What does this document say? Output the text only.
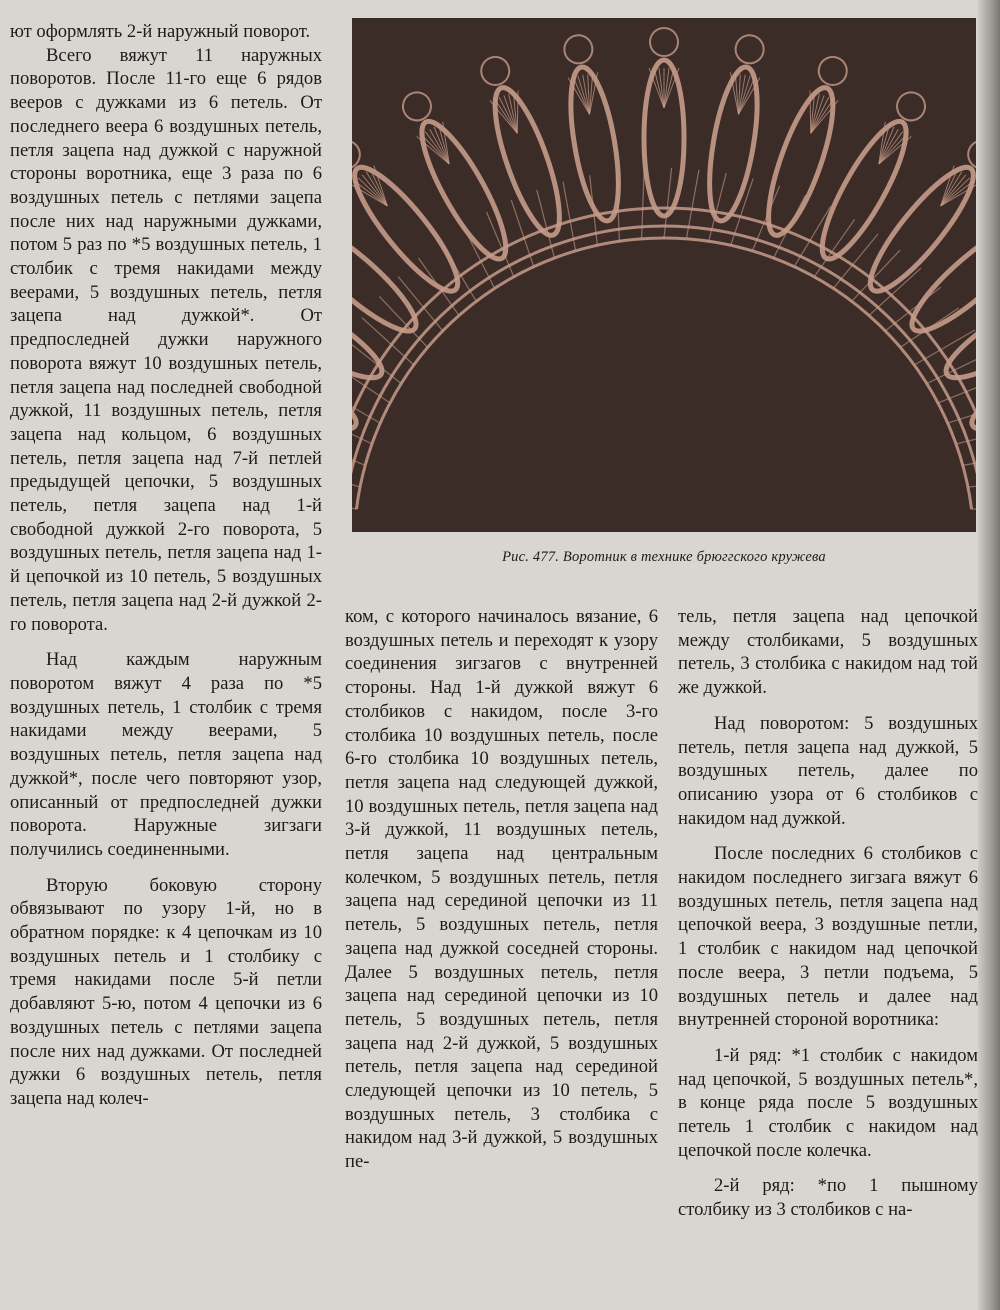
ют оформлять 2-й наружный поворот.

Всего вяжут 11 наружных поворотов. После 11-го еще 6 рядов вееров с дужками из 6 петель. От последнего веера 6 воздушных петель, петля зацепа над дужкой с наружной стороны воротника, еще 3 раза по 6 воздушных петель с петлями зацепа после них над наружными дужками, потом 5 раз по *5 воздушных петель, 1 столбик с тремя накидами между веерами, 5 воздушных петель, петля зацепа над дужкой*. От предпоследней дужки наружного поворота вяжут 10 воздушных петель, петля зацепа над последней свободной дужкой, 11 воздушных петель, петля зацепа над кольцом, 6 воздушных петель, петля зацепа над 7-й петлей предыдущей цепочки, 5 воздушных петель, петля зацепа над 1-й свободной дужкой 2-го поворота, 5 воздушных петель, петля зацепа над 1-й цепочкой из 10 петель, 5 воздушных петель, петля зацепа над 2-й дужкой 2-го поворота.

Над каждым наружным поворотом вяжут 4 раза по *5 воздушных петель, 1 столбик с тремя накидами между веерами, 5 воздушных петель, петля зацепа над дужкой*, после чего повторяют узор, описанный от предпоследней дужки поворота. Наружные зигзаги получились соединенными.

Вторую боковую сторону обвязывают по узору 1-й, но в обратном порядке: к 4 цепочкам из 10 воздушных петель и 1 столбику с тремя накидами после 5-й петли добавляют 5-ю, потом 4 цепочки из 6 воздушных петель с петлями зацепа после них над дужками. От последней дужки 6 воздушных петель, петля зацепа над колеч-

Рис. 477. Воротник в технике брюггского кружева

ком, с которого начиналось вязание, 6 воздушных петель и переходят к узору соединения зигзагов с внутренней стороны. Над 1-й дужкой вяжут 6 столбиков с накидом, после 3-го столбика 10 воздушных петель, после 6-го столбика 10 воздушных петель, петля зацепа над следующей дужкой, 10 воздушных петель, петля зацепа над 3-й дужкой, 11 воздушных петель, петля зацепа над центральным колечком, 5 воздушных петель, петля зацепа над серединой цепочки из 11 петель, 5 воздушных петель, петля зацепа над дужкой соседней стороны. Далее 5 воздушных петель, петля зацепа над серединой цепочки из 10 петель, 5 воздушных петель, петля зацепа над 2-й дужкой, 5 воздушных петель, петля зацепа над серединой следующей цепочки из 10 петель, 5 воздушных петель, 3 столбика с накидом над 3-й дужкой, 5 воздушных пе-

тель, петля зацепа над цепочкой между столбиками, 5 воздушных петель, 3 столбика с накидом над той же дужкой.

Над поворотом: 5 воздушных петель, петля зацепа над дужкой, 5 воздушных петель, далее по описанию узора от 6 столбиков с накидом над дужкой.

После последних 6 столбиков с накидом последнего зигзага вяжут 6 воздушных петель, петля зацепа над цепочкой веера, 3 воздушные петли, 1 столбик с накидом над цепочкой после веера, 3 петли подъема, 5 воздушных петель и далее над внутренней стороной воротника:

1-й ряд: *1 столбик с накидом над цепочкой, 5 воздушных петель*, в конце ряда после 5 воздушных петель 1 столбик с накидом над цепочкой после колечка.

2-й ряд: *по 1 пышному столбику из 3 столбиков с на-
